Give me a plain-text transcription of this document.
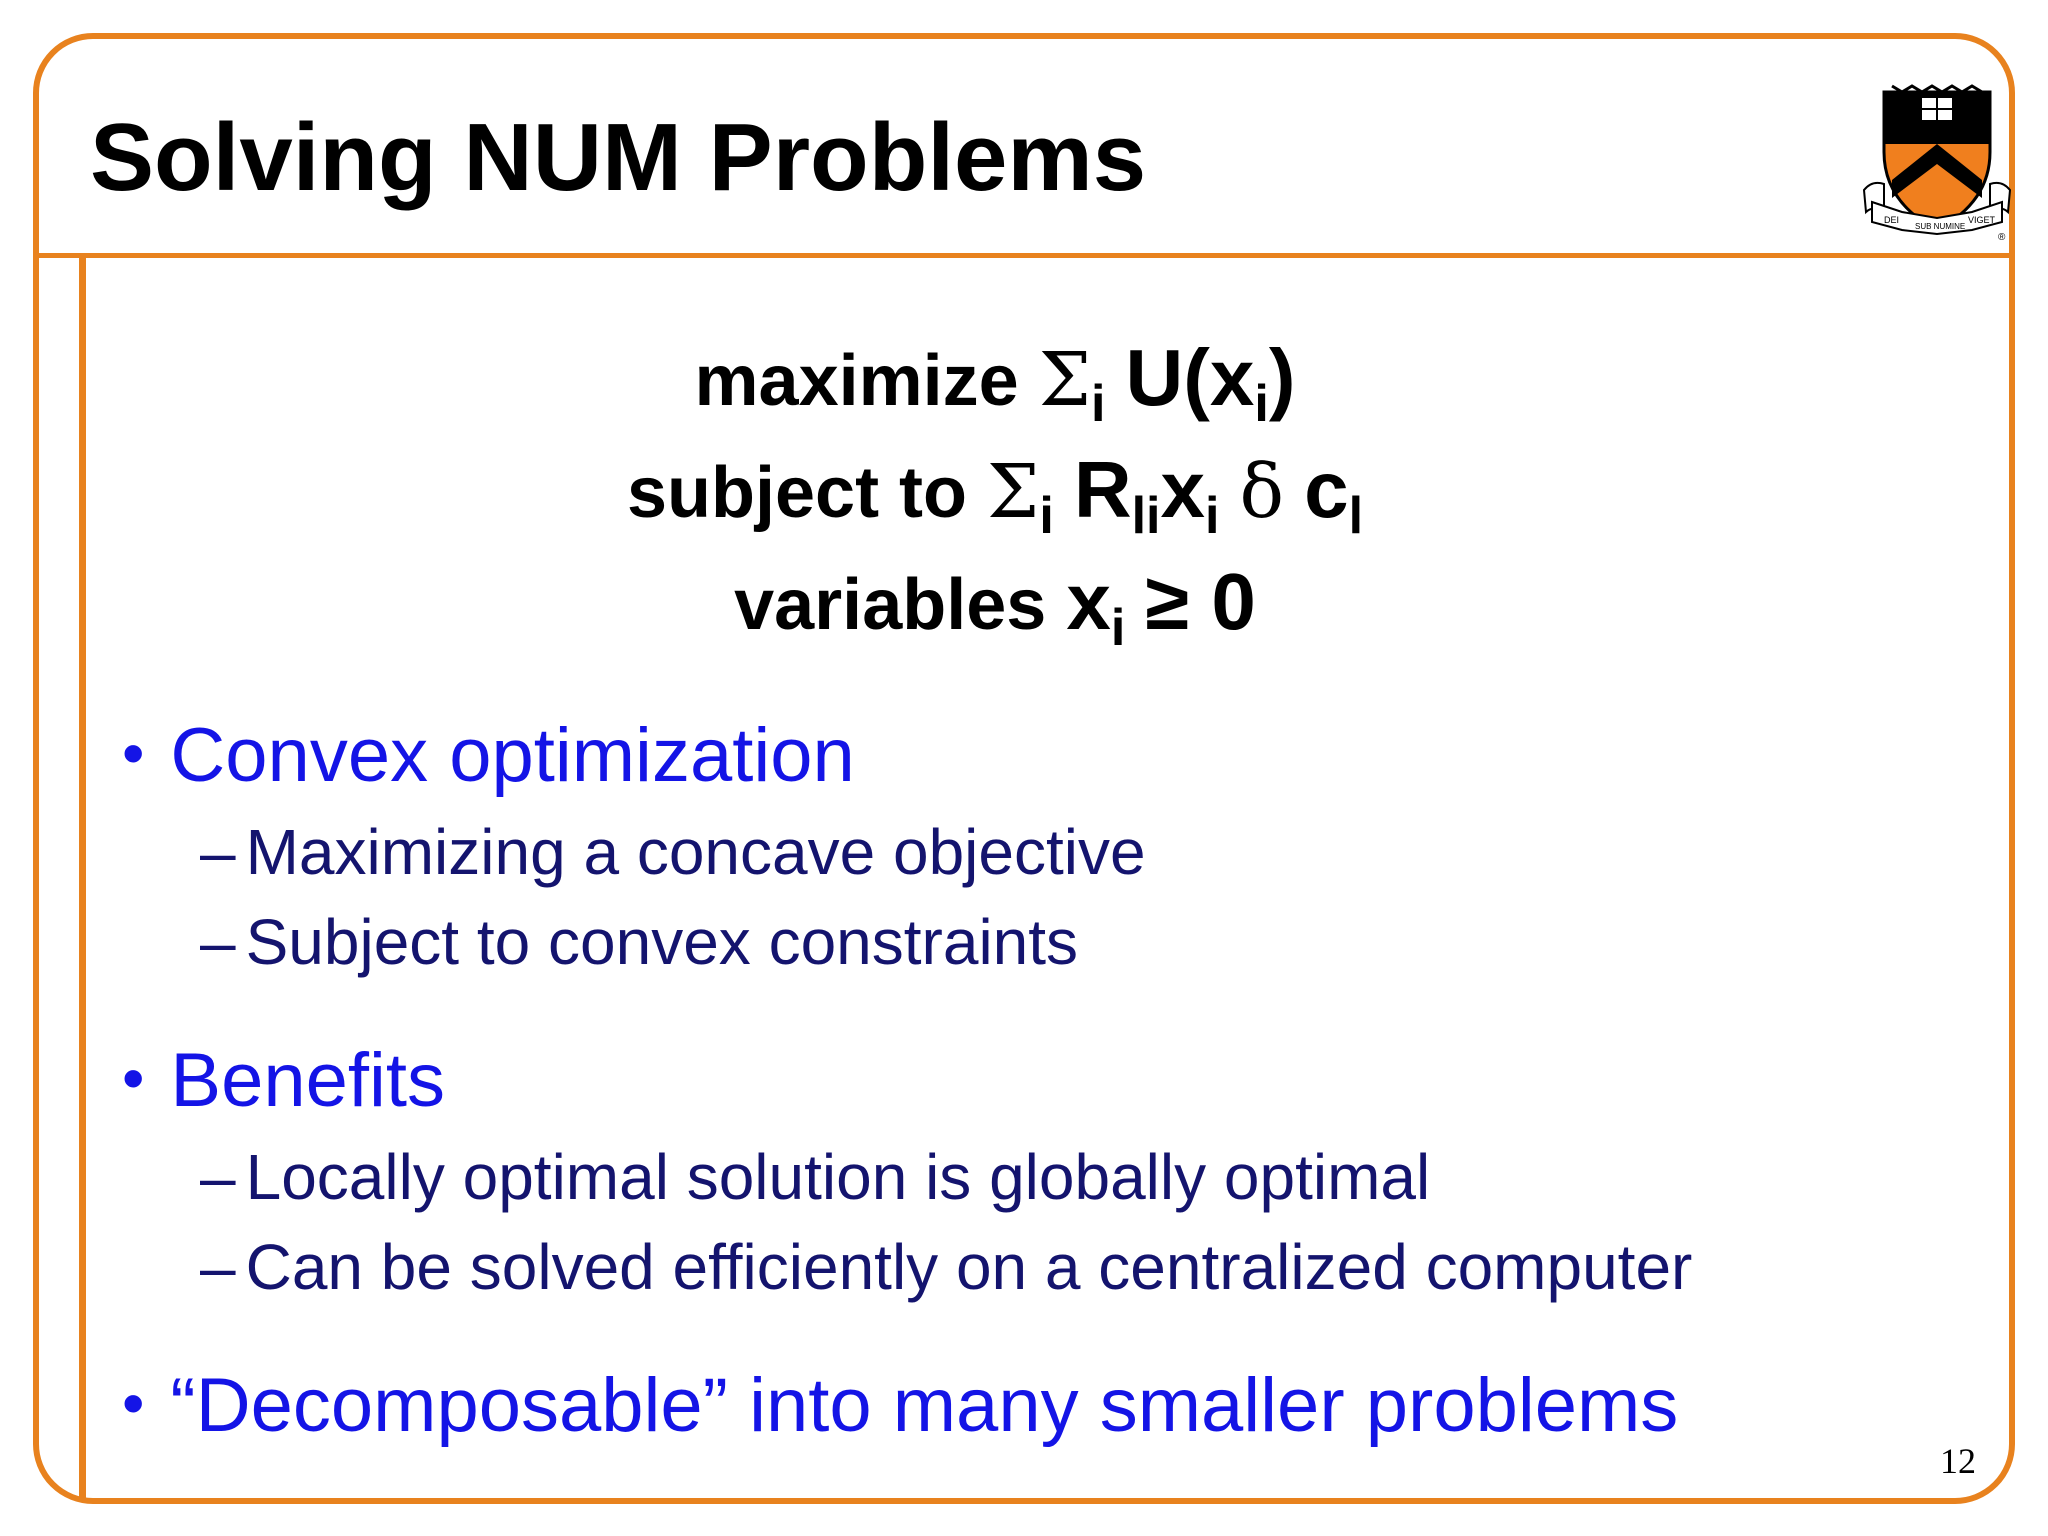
Solving NUM Problems
DEI
SUB NUMINE
VIGET
®
maximize $\Sigma_i$ $U(x_i)$
subject to $\Sigma_i$ $R_{li}x_i$ δ $c_l$
variables $x_i \ge 0$
• Convex optimization
– Maximizing a concave objective
– Subject to convex constraints
• Benefits
– Locally optimal solution is globally optimal
– Can be solved efficiently on a centralized computer
• “Decomposable” into many smaller problems
12
